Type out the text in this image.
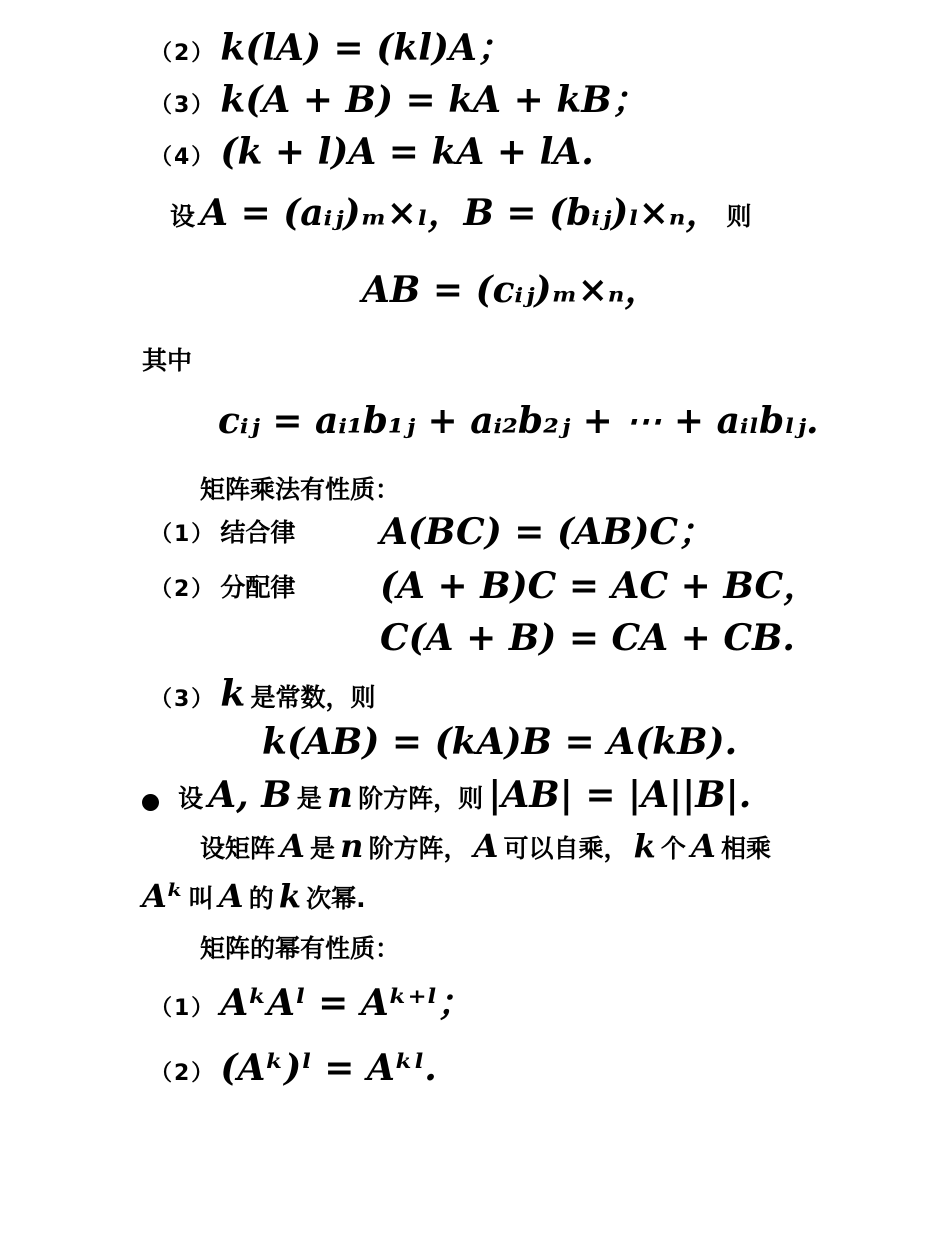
（2） k(lA) = (kl)A；
（3） k(A + B) = kA + kB；
（4） (k + l)A = kA + lA.
设 A = (aᵢⱼ)ₘ×ₗ，B = (bᵢⱼ)ₗ×ₙ， 则
AB = (cᵢⱼ)ₘ×ₙ，
其中
cᵢⱼ = aᵢ₁b₁ⱼ + aᵢ₂b₂ⱼ + ⋯ + aᵢₗbₗⱼ.
矩阵乘法有性质：
（1） 结合律 A(BC) = (AB)C；
（2） 分配律 (A + B)C = AC + BC，
C(A + B) = CA + CB.
（3） k 是常数，则
k(AB) = (kA)B = A(kB).
设 A, B 是 n 阶方阵，则 |AB| = |A||B|.
设矩阵 A 是 n 阶方阵， A 可以自乘， k 个 A 相乘
Aᵏ 叫 A 的 k 次幂.
矩阵的幂有性质：
（1） AᵏAˡ = Aᵏ⁺ˡ；
（2） (Aᵏ)ˡ = Aᵏˡ.
